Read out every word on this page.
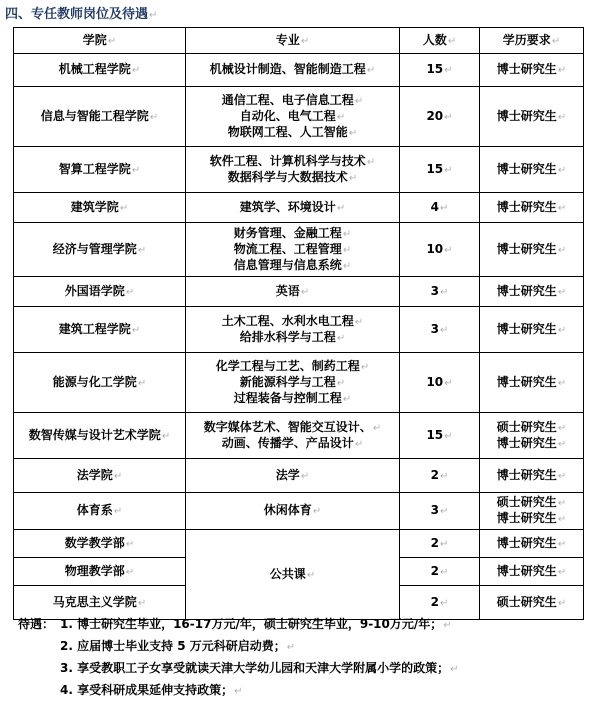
四、专任教师岗位及待遇↵
学院↵	专业↵	人数↵	学历要求↵

机械工程学院↵	机械设计制造、智能制造工程↵	15↵	博士研究生↵

信息与智能工程学院↵	通信工程、电子信息工程↵
自动化、电气工程↵
物联网工程、人工智能↵	20↵	博士研究生↵

智算工程学院↵	软件工程、计算机科学与技术↵
数据科学与大数据技术↵	15↵	博士研究生↵

建筑学院↵	建筑学、环境设计↵	4↵	博士研究生↵

经济与管理学院↵	财务管理、金融工程↵
物流工程、工程管理↵
信息管理与信息系统↵	10↵	博士研究生↵

外国语学院↵	英语↵	3↵	博士研究生↵

建筑工程学院↵	土木工程、水利水电工程↵
给排水科学与工程↵	3↵	博士研究生↵

能源与化工学院↵	化学工程与工艺、制药工程↵
新能源科学与工程↵
过程装备与控制工程↵	10↵	博士研究生↵

数智传媒与设计艺术学院↵	数字媒体艺术、智能交互设计、↵
动画、传播学、产品设计↵	15↵	硕士研究生↵
博士研究生↵

法学院↵	法学↵	2↵	博士研究生↵

体育系↵	休闲体育↵	3↵	硕士研究生↵
博士研究生↵

数学教学部↵	公共课↵	2↵	博士研究生↵

物理教学部↵		2↵	博士研究生↵

马克思主义学院↵		2↵	硕士研究生↵
待遇： 1. 博士研究生毕业，16-17万元/年，硕士研究生毕业，9-10万元/年；↵
2. 应届博士毕业支持 5 万元科研启动费；↵
3. 享受教职工子女享受就读天津大学幼儿园和天津大学附属小学的政策；↵
4. 享受科研成果延伸支持政策；↵
